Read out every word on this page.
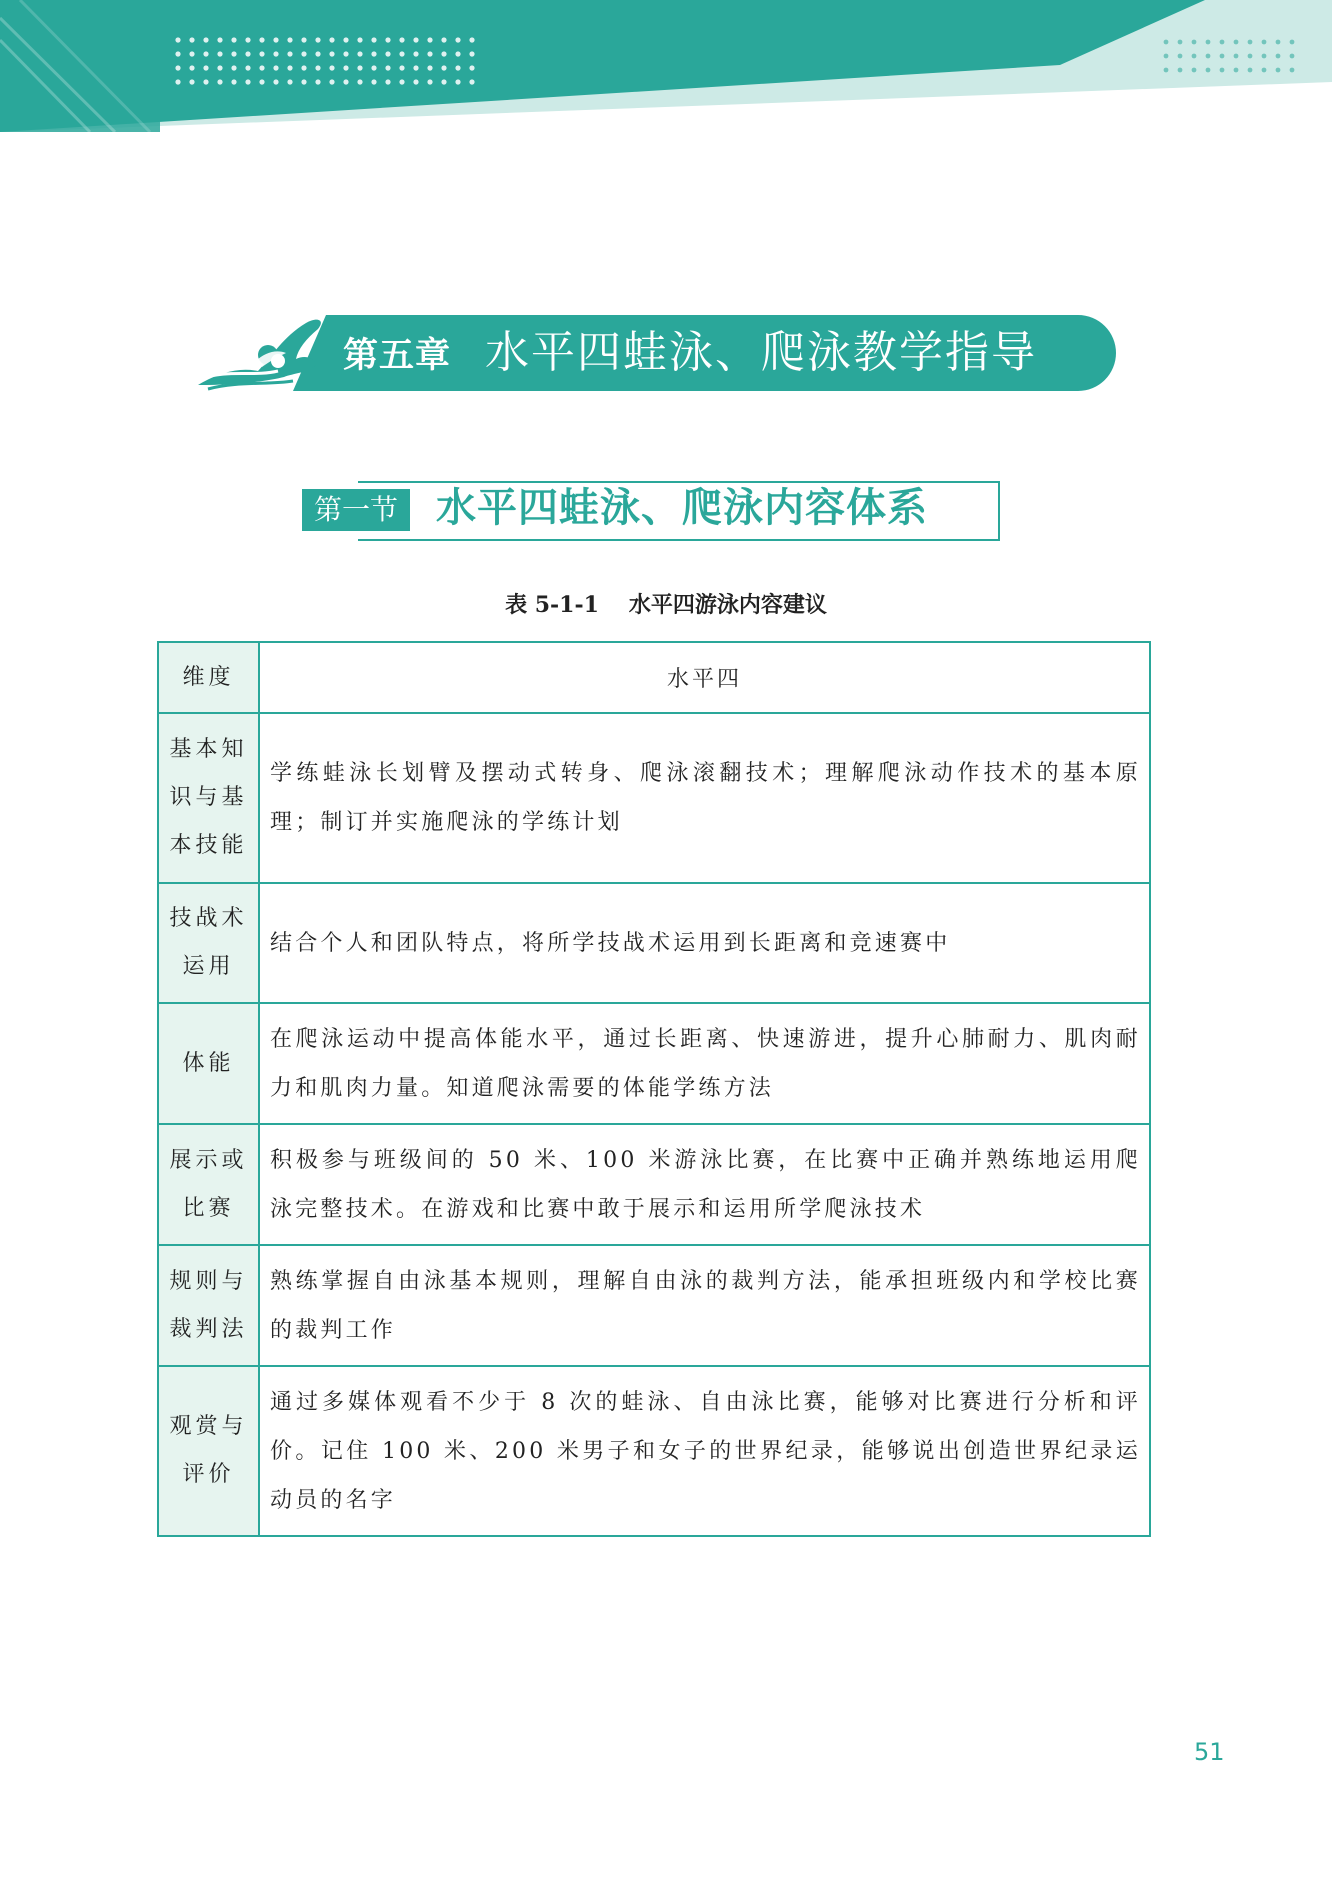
第五章 水平四蛙泳、爬泳教学指导
第一节 水平四蛙泳、爬泳内容体系
表 5-1-1 水平四游泳内容建议
维度	水平四
基本知识与基本技能	学练蛙泳长划臂及摆动式转身、爬泳滚翻技术；理解爬泳动作技术的基本原理；制订并实施爬泳的学练计划
技战术运用	结合个人和团队特点，将所学技战术运用到长距离和竞速赛中
体能	在爬泳运动中提高体能水平，通过长距离、快速游进，提升心肺耐力、肌肉耐力和肌肉力量。知道爬泳需要的体能学练方法
展示或比赛	积极参与班级间的 50 米、100 米游泳比赛，在比赛中正确并熟练地运用爬泳完整技术。在游戏和比赛中敢于展示和运用所学爬泳技术
规则与裁判法	熟练掌握自由泳基本规则，理解自由泳的裁判方法，能承担班级内和学校比赛的裁判工作
观赏与评价	通过多媒体观看不少于 8 次的蛙泳、自由泳比赛，能够对比赛进行分析和评价。记住 100 米、200 米男子和女子的世界纪录，能够说出创造世界纪录运动员的名字
51
